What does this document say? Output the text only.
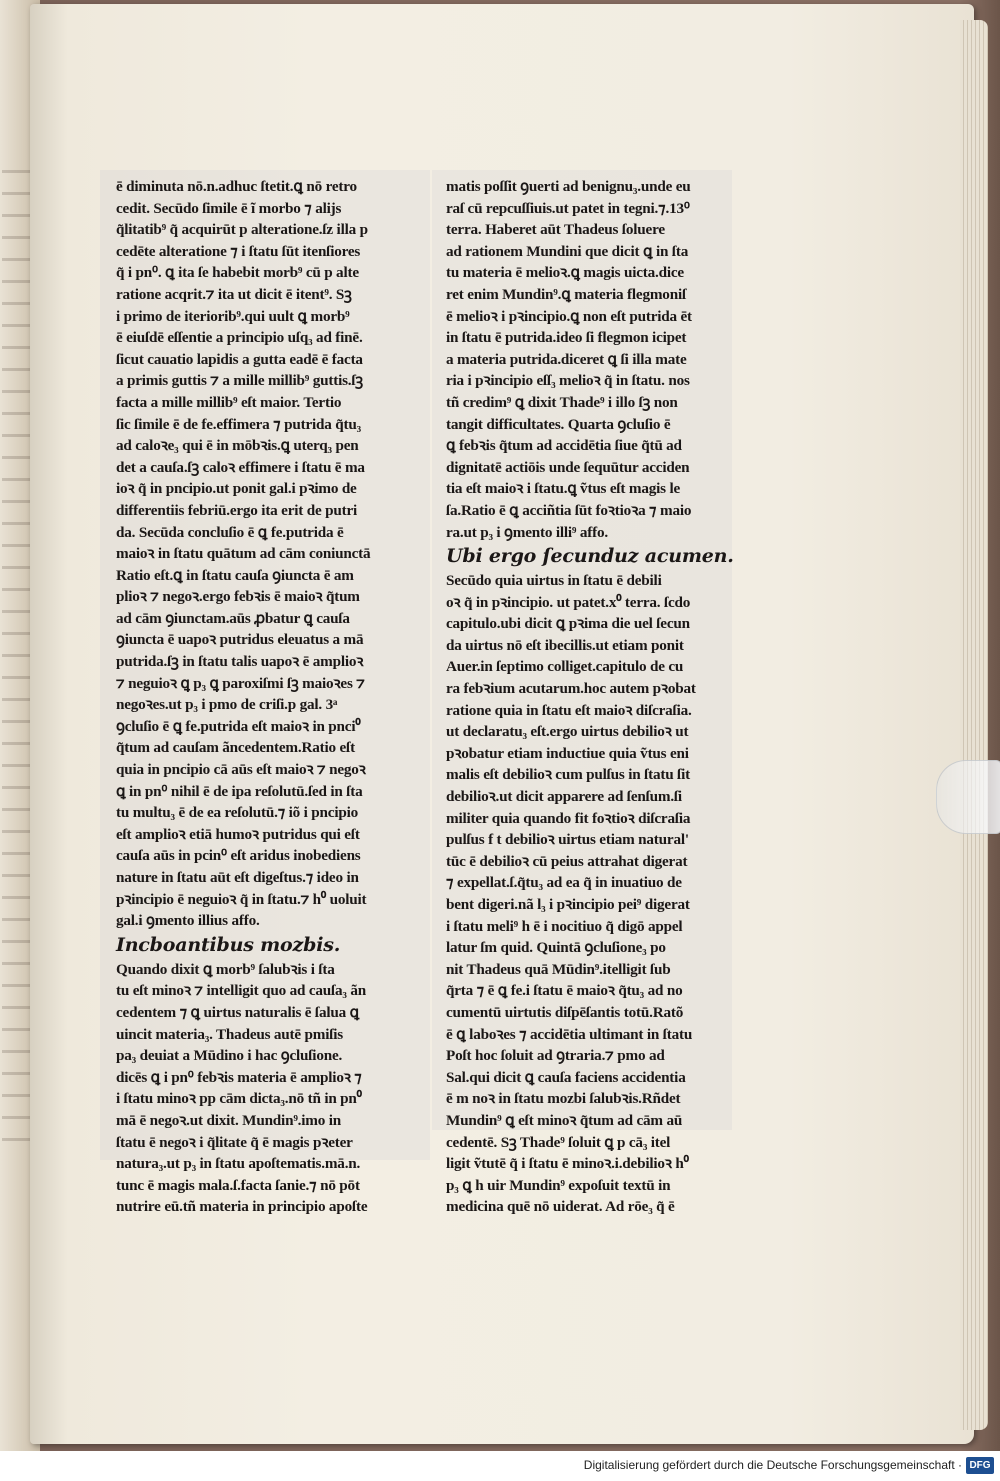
ē diminuta nō.n.adhuc ſtetit.ꝗ nō retro
cedit. Secūdo ſimile ē ĩ morbo ⁊ alijs
q̃litatib⁹ q̃ acquirūt p alteratione.ſz illa p
cedēte alteratione ⁊ i ſtatu ſūt itenſiores
q̃ i pn⁰. ꝗ ita ſe habebit morb⁹ cū p alte
ratione acqrit.⁊ ita ut dicit ē itent⁹. Sꝫ
i primo de iteriorib⁹.qui uult ꝗ morb⁹
ē eiuſdē eſſentie a principio uſq₃ ad finē.
ſicut cauatio lapidis a gutta eadē ē facta
a primis guttis ⁊ a mille millib⁹ guttis.ſꝫ
facta a mille millib⁹ eſt maior. Tertio
ſic ſimile ē de fe.effimera ⁊ putrida q̃tu₃
ad caloꝛe₃ qui ē in mōbꝛis.ꝗ uterq₃ pen
det a cauſa.ſꝫ caloꝛ effimere i ſtatu ē ma
ioꝛ q̃ in pncipio.ut ponit gal.i pꝛimo de
differentiis febriū.ergo ita erit de putri
da. Secūda concluſio ē ꝗ fe.putrida ē
maioꝛ in ſtatu quātum ad cām coniunctā
Ratio eſt.ꝗ in ſtatu cauſa ꝯiuncta ē am
plioꝛ ⁊ negoꝛ.ergo febꝛis ē maioꝛ q̃tum
ad cām ꝯiunctam.aūs ꝓbatur ꝗ cauſa
ꝯiuncta ē uapoꝛ putridus eleuatus a mā
putrida.ſꝫ in ſtatu talis uapoꝛ ē amplioꝛ
⁊ neguioꝛ ꝗ p₃ ꝗ paroxiſmi ſꝫ maioꝛes ⁊
negoꝛes.ut p₃ i pmo de criſi.p gal. 3ᵃ
ꝯcluſio ē ꝗ fe.putrida eſt maioꝛ in pnci⁰
q̃tum ad cauſam ãncedentem.Ratio eſt
quia in pncipio cā aūs eſt maioꝛ ⁊ negoꝛ
ꝗ in pn⁰ nihil ē de ipa reſolutū.ſed in ſta
tu multu₃ ē de ea reſolutū.⁊ iõ i pncipio
eſt amplioꝛ etiā humoꝛ putridus qui eſt
cauſa aūs in pcin⁰ eſt aridus inobediens
nature in ſtatu aūt eſt digeſtus.⁊ ideo in
pꝛincipio ē neguioꝛ q̃ in ſtatu.⁊ h⁰ uoluit
gal.i ꝯmento illius affo.
Incboantibus mozbis.
Quando dixit ꝗ morb⁹ ſalubꝛis i ſta
tu eſt minoꝛ ⁊ intelligit quo ad cauſa₃ ãn
cedentem ⁊ ꝗ uirtus naturalis ē ſalua ꝗ
uincit materia₃. Thadeus autē pmiſis
pa₃ deuiat a Mūdino i hac ꝯcluſione.
dicēs ꝗ i pn⁰ febꝛis materia ē amplioꝛ ⁊
i ſtatu minoꝛ pp cām dicta₃.nō tñ in pn⁰
mā ē negoꝛ.ut dixit. Mundin⁹.imo in
ſtatu ē negoꝛ i q̃litate q̃ ē magis pꝛeter
natura₃.ut p₃ in ſtatu apoſtematis.mā.n.
tunc ē magis mala.ſ.facta ſanie.⁊ nō pōt
nutrire eū.tñ materia in principio apoſte
matis poſſit ꝯuerti ad benignu₃.unde eu
raſ cū repcuſſiuis.ut patet in tegni.⁊.13⁰
terra. Haberet aūt Thadeus ſoluere
ad rationem Mundini que dicit ꝗ in ſta
tu materia ē melioꝛ.ꝗ magis uicta.dice
ret enim Mundin⁹.ꝗ materia flegmoniſ
ē melioꝛ i pꝛincipio.ꝗ non eſt putrida ēt
in ſtatu ē putrida.ideo ſi flegmon icipet
a materia putrida.diceret ꝗ ſi illa mate
ria i pꝛincipio eſſ₃ melioꝛ q̃ in ſtatu. nos
tñ credim⁹ ꝗ dixit Thade⁹ i illo ſꝫ non
tangit difficultates. Quarta ꝯcluſio ē
ꝗ febꝛis q̃tum ad accidētia ſiue q̃tū ad
dignitatē actiōis unde ſequūtur acciden
tia eſt maioꝛ i ſtatu.ꝗ ṽtus eſt magis le
ſa.Ratio ē ꝗ acciñtia ſūt foꝛtioꝛa ⁊ maio
ra.ut p₃ i ꝯmento illi⁹ affo.
Ubi ergo ſecunduz acumen.
Secūdo quia uirtus in ſtatu ē debili
oꝛ q̃ in pꝛincipio. ut patet.x⁰ terra. ſcdo
capitulo.ubi dicit ꝗ pꝛima die uel ſecun
da uirtus nō eſt ibecillis.ut etiam ponit
Auer.in ſeptimo colliget.capitulo de cu
ra febꝛium acutarum.hoc autem pꝛobat
ratione quia in ſtatu eſt maioꝛ diſcraſia.
ut declaratu₃ eſt.ergo uirtus debilioꝛ ut
pꝛobatur etiam inductiue quia ṽtus eni
malis eſt debilioꝛ cum pulſus in ſtatu ſit
debilioꝛ.ut dicit apparere ad ſenſum.ſi
militer quia quando fit foꝛtioꝛ diſcraſia
pulſus f t debilioꝛ uirtus etiam natural'
tūc ē debilioꝛ cū peius attrahat digerat
⁊ expellat.ſ.q̃tu₃ ad ea q̃ in inuatiuo de
bent digeri.nã l₃ i pꝛincipio pei⁹ digerat
i ſtatu meli⁹ h ē i nocitiuo q̃ digō appel
latur ſm quid. Quintā ꝯcluſione₃ po
nit Thadeus quā Mūdin⁹.itelligit ſub
q̃rta ⁊ ē ꝗ fe.i ſtatu ē maioꝛ q̃tu₃ ad no
cumentū uirtutis diſpēſantis totū.Ratõ
ē ꝗ laboꝛes ⁊ accidētia ultimant in ſtatu
Poſt hoc ſoluit ad ꝯtraria.⁊ pmo ad
Sal.qui dicit ꝗ cauſa faciens accidentia
ē m noꝛ in ſtatu mozbi ſalubꝛis.Rñdet
Mundin⁹ ꝗ eſt minoꝛ q̃tum ad cām aū
cedentē. Sꝫ Thade⁹ ſoluit ꝗ p cā₃ itel
ligit ṽtutē q̃ i ſtatu ē minoꝛ.i.debilioꝛ h⁰
p₃ ꝗ h uir Mundin⁹ expoſuit textū in
medicina quē nō uiderat. Ad rōe₃ q̃ ē
Digitalisierung gefördert durch die Deutsche Forschungsgemeinschaft · DFG
